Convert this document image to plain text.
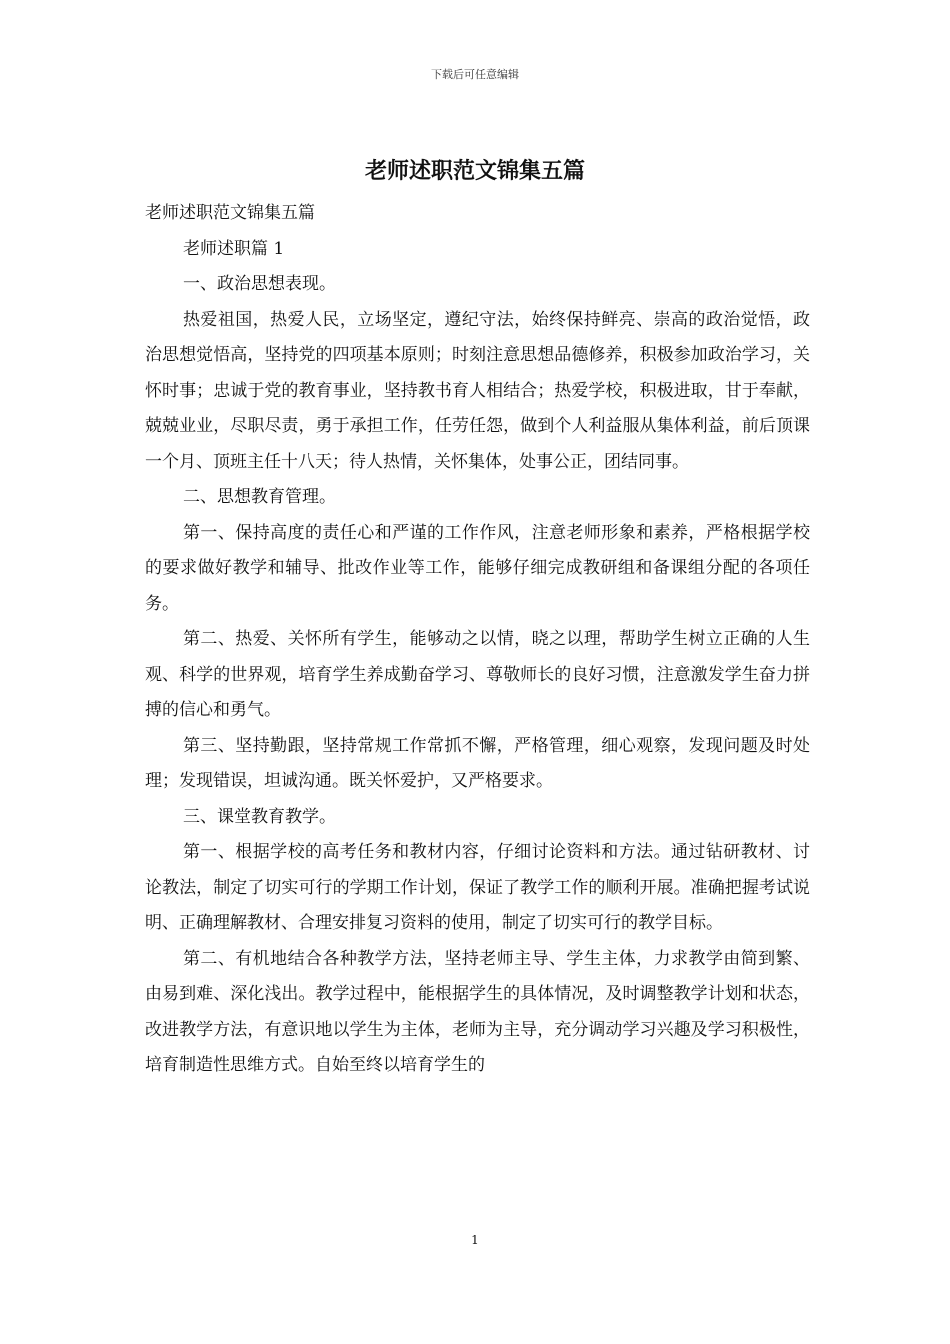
下载后可任意编辑
老师述职范文锦集五篇

老师述职范文锦集五篇

老师述职篇 1

一、政治思想表现。

热爱祖国，热爱人民，立场坚定，遵纪守法，始终保持鲜亮、崇高的政治觉悟，政治思想觉悟高，坚持党的四项基本原则；时刻注意思想品德修养，积极参加政治学习，关怀时事；忠诚于党的教育事业，坚持教书育人相结合；热爱学校，积极进取，甘于奉献，兢兢业业，尽职尽责，勇于承担工作，任劳任怨，做到个人利益服从集体利益，前后顶课一个月、顶班主任十八天；待人热情，关怀集体，处事公正，团结同事。

二、思想教育管理。

第一、保持高度的责任心和严谨的工作作风，注意老师形象和素养，严格根据学校的要求做好教学和辅导、批改作业等工作，能够仔细完成教研组和备课组分配的各项任务。

第二、热爱、关怀所有学生，能够动之以情，晓之以理，帮助学生树立正确的人生观、科学的世界观，培育学生养成勤奋学习、尊敬师长的良好习惯，注意激发学生奋力拼搏的信心和勇气。

第三、坚持勤跟，坚持常规工作常抓不懈，严格管理，细心观察，发现问题及时处理；发现错误，坦诚沟通。既关怀爱护，又严格要求。

三、课堂教育教学。

第一、根据学校的高考任务和教材内容，仔细讨论资料和方法。通过钻研教材、讨论教法，制定了切实可行的学期工作计划，保证了教学工作的顺利开展。准确把握考试说明、正确理解教材、合理安排复习资料的使用，制定了切实可行的教学目标。

第二、有机地结合各种教学方法，坚持老师主导、学生主体，力求教学由简到繁、由易到难、深化浅出。教学过程中，能根据学生的具体情况，及时调整教学计划和状态，改进教学方法，有意识地以学生为主体，老师为主导，充分调动学习兴趣及学习积极性，培育制造性思维方式。自始至终以培育学生的

1
